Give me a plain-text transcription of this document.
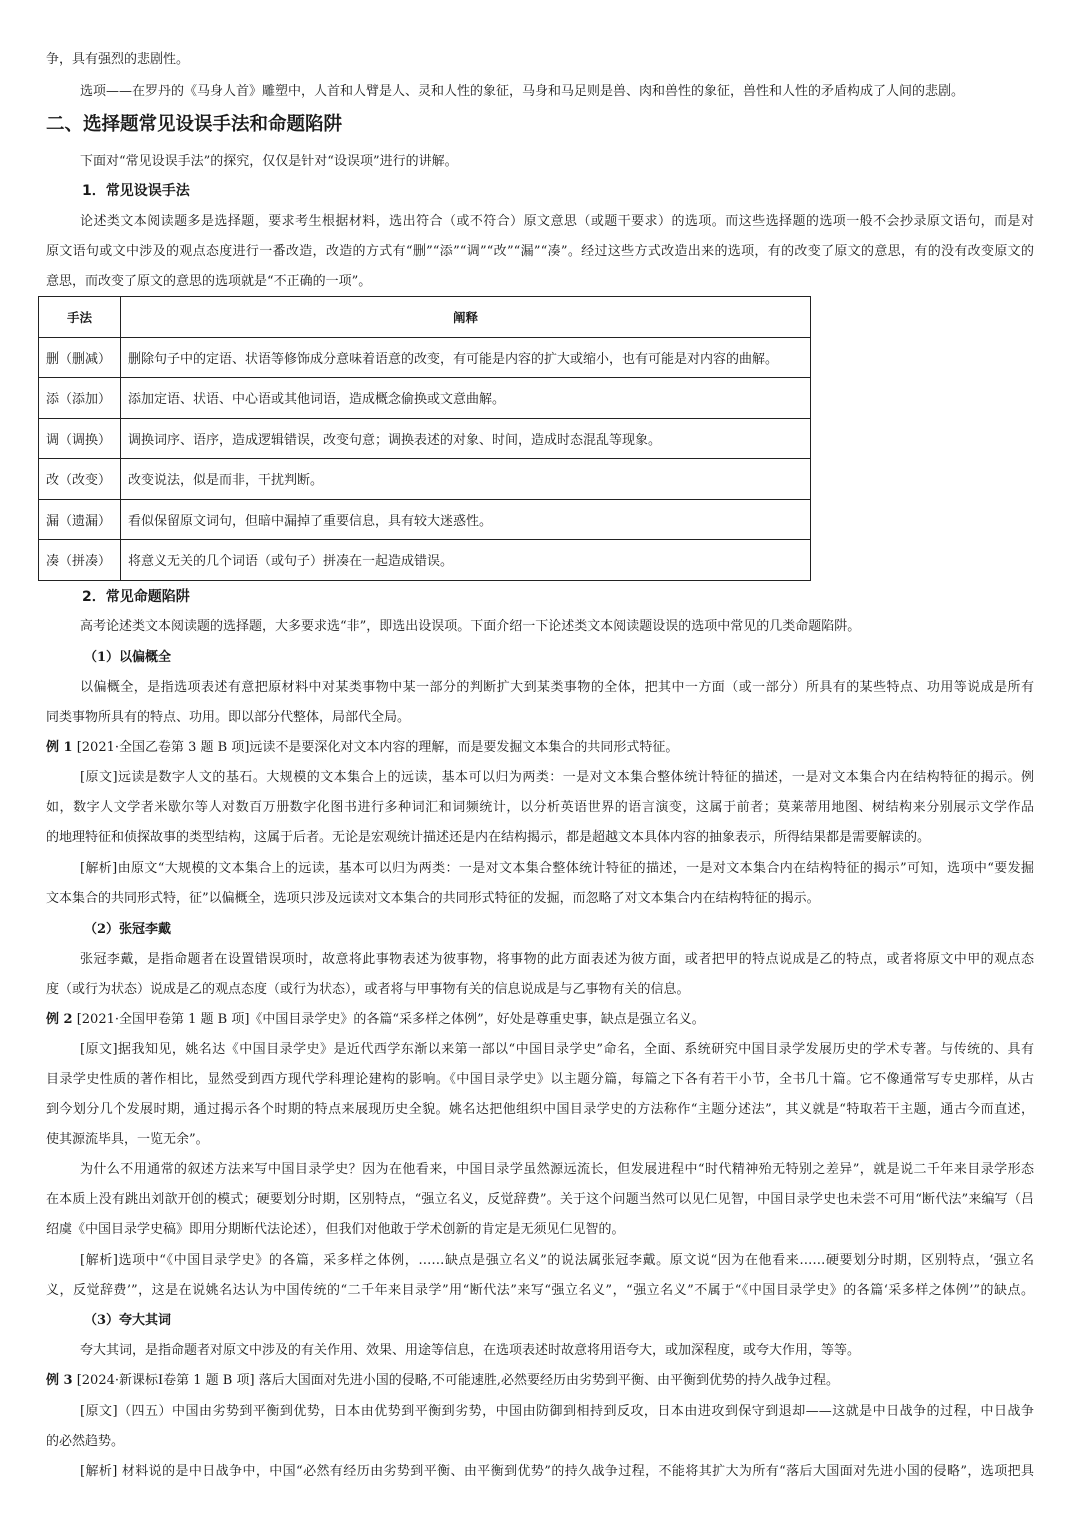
争，具有强烈的悲剧性。
选项——在罗丹的《马身人首》雕塑中，人首和人臂是人、灵和人性的象征，马身和马足则是兽、肉和兽性的象征，兽性和人性的矛盾构成了人间的悲剧。
二、选择题常见设误手法和命题陷阱
下面对“常见设误手法”的探究，仅仅是针对“设误项”进行的讲解。
1．常见设误手法
论述类文本阅读题多是选择题，要求考生根据材料，选出符合（或不符合）原文意思（或题干要求）的选项。而这些选择题的选项一般不会抄录原文语句，而是对
原文语句或文中涉及的观点态度进行一番改造，改造的方式有“删”“添”“调”“改”“漏”“凑”。经过这些方式改造出来的选项，有的改变了原文的意思，有的没有改变原文的
意思，而改变了原文的意思的选项就是“不正确的一项”。
手法	阐释
删（删减）	删除句子中的定语、状语等修饰成分意味着语意的改变，有可能是内容的扩大或缩小，也有可能是对内容的曲解。
添（添加）	添加定语、状语、中心语或其他词语，造成概念偷换或文意曲解。
调（调换）	调换词序、语序，造成逻辑错误，改变句意；调换表述的对象、时间，造成时态混乱等现象。
改（改变）	改变说法，似是而非，干扰判断。
漏（遗漏）	看似保留原文词句，但暗中漏掉了重要信息，具有较大迷惑性。
凑（拼凑）	将意义无关的几个词语（或句子）拼凑在一起造成错误。
2．常见命题陷阱
高考论述类文本阅读题的选择题，大多要求选“非”，即选出设误项。下面介绍一下论述类文本阅读题设误的选项中常见的几类命题陷阱。
（1）以偏概全
以偏概全，是指选项表述有意把原材料中对某类事物中某一部分的判断扩大到某类事物的全体，把其中一方面（或一部分）所具有的某些特点、功用等说成是所有
同类事物所具有的特点、功用。即以部分代整体，局部代全局。
例 1 [2021·全国乙卷第 3 题 B 项]远读不是要深化对文本内容的理解，而是要发掘文本集合的共同形式特征。
[原文]远读是数字人文的基石。大规模的文本集合上的远读，基本可以归为两类：一是对文本集合整体统计特征的描述，一是对文本集合内在结构特征的揭示。例
如，数字人文学者米歇尔等人对数百万册数字化图书进行多种词汇和词频统计，以分析英语世界的语言演变，这属于前者；莫莱蒂用地图、树结构来分别展示文学作品
的地理特征和侦探故事的类型结构，这属于后者。无论是宏观统计描述还是内在结构揭示，都是超越文本具体内容的抽象表示，所得结果都是需要解读的。
[解析]由原文“大规模的文本集合上的远读，基本可以归为两类：一是对文本集合整体统计特征的描述，一是对文本集合内在结构特征的揭示”可知，选项中“要发掘
文本集合的共同形式特，征”以偏概全，选项只涉及远读对文本集合的共同形式特征的发掘，而忽略了对文本集合内在结构特征的揭示。
（2）张冠李戴
张冠李戴，是指命题者在设置错误项时，故意将此事物表述为彼事物，将事物的此方面表述为彼方面，或者把甲的特点说成是乙的特点，或者将原文中甲的观点态
度（或行为状态）说成是乙的观点态度（或行为状态），或者将与甲事物有关的信息说成是与乙事物有关的信息。
例 2 [2021·全国甲卷第 1 题 B 项]《中国目录学史》的各篇“采多样之体例”，好处是尊重史事，缺点是强立名义。
[原文]据我知见，姚名达《中国目录学史》是近代西学东渐以来第一部以“中国目录学史”命名，全面、系统研究中国目录学发展历史的学术专著。与传统的、具有
目录学史性质的著作相比，显然受到西方现代学科理论建构的影响。《中国目录学史》以主题分篇，每篇之下各有若干小节，全书几十篇。它不像通常写专史那样，从古
到今划分几个发展时期，通过揭示各个时期的特点来展现历史全貌。姚名达把他组织中国目录学史的方法称作“主题分述法”，其义就是“特取若干主题，通古今而直述，
使其源流毕具，一览无余”。
为什么不用通常的叙述方法来写中国目录学史？因为在他看来，中国目录学虽然源远流长，但发展进程中“时代精神殆无特别之差异”，就是说二千年来目录学形态
在本质上没有跳出刘歆开创的模式；硬要划分时期，区别特点，“强立名义，反觉辞费”。关于这个问题当然可以见仁见智，中国目录学史也未尝不可用“断代法”来编写（吕
绍虞《中国目录学史稿》即用分期断代法论述），但我们对他敢于学术创新的肯定是无须见仁见智的。
[解析]选项中“《中国目录学史》的各篇，采多样之体例，……缺点是强立名义”的说法属张冠李戴。原文说“因为在他看来……硬要划分时期，区别特点，‘强立名
义，反觉辞费’”，这是在说姚名达认为中国传统的“二千年来目录学”用“断代法”来写“强立名义”，“强立名义”不属于“《中国目录学史》的各篇‘采多样之体例’”的缺点。
（3）夸大其词
夸大其词，是指命题者对原文中涉及的有关作用、效果、用途等信息，在选项表述时故意将用语夸大，或加深程度，或夸大作用，等等。
例 3 [2024·新课标Ⅰ卷第 1 题 B 项] 落后大国面对先进小国的侵略,不可能速胜,必然要经历由劣势到平衡、由平衡到优势的持久战争过程。
[原文]（四五）中国由劣势到平衡到优势，日本由优势到平衡到劣势，中国由防御到相持到反攻，日本由进攻到保守到退却——这就是中日战争的过程，中日战争
的必然趋势。
[解析] 材料说的是中日战争中，中国“必然有经历由劣势到平衡、由平衡到优势”的持久战争过程，不能将其扩大为所有“落后大国面对先进小国的侵略”，选项把具
